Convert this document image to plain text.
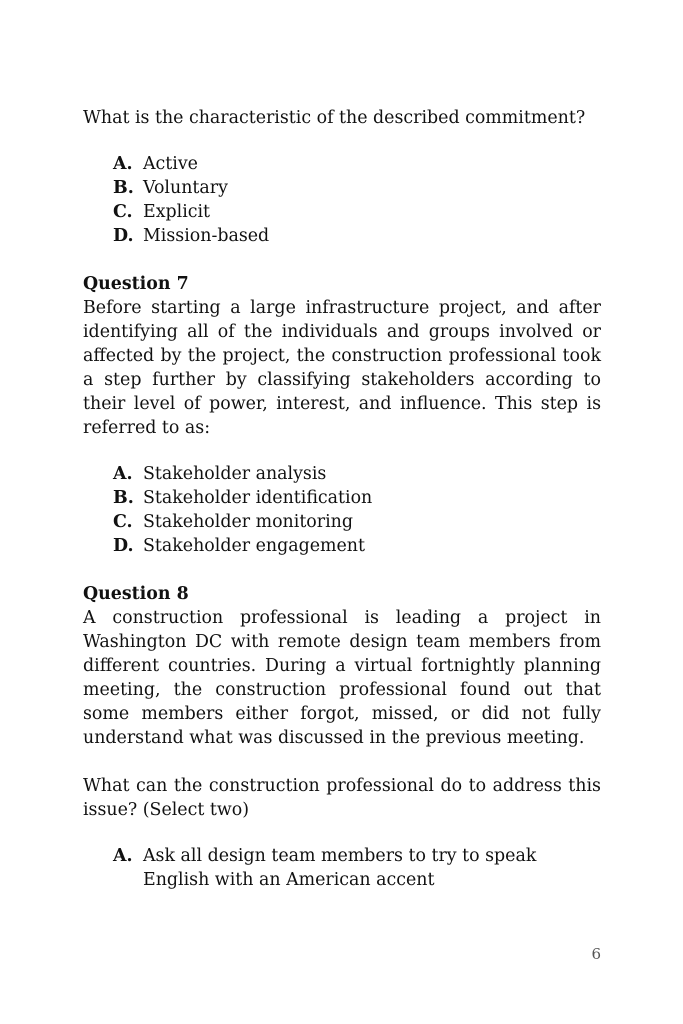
What is the characteristic of the described commitment?

A. Active
B. Voluntary
C. Explicit
D. Mission-based

Question 7

Before starting a large infrastructure project, and after identifying all of the individuals and groups involved or affected by the project, the construction professional took a step further by classifying stakeholders according to their level of power, interest, and influence. This step is referred to as:

A. Stakeholder analysis
B. Stakeholder identification
C. Stakeholder monitoring
D. Stakeholder engagement

Question 8

A construction professional is leading a project in Washington DC with remote design team members from different countries. During a virtual fortnightly planning meeting, the construction professional found out that some members either forgot, missed, or did not fully understand what was discussed in the previous meeting.

What can the construction professional do to address this issue? (Select two)

A. Ask all design team members to try to speak English with an American accent
6
